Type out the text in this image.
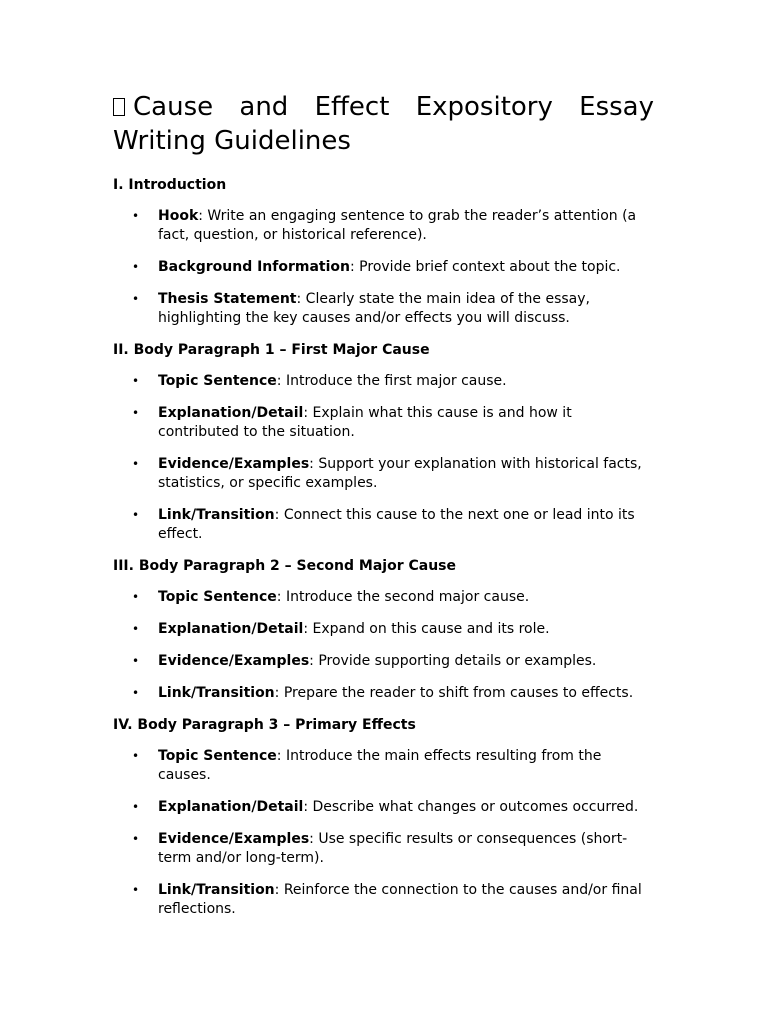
Cause and Effect Expository Essay Writing Guidelines
I. Introduction
• Hook: Write an engaging sentence to grab the reader’s attention (a fact, question, or historical reference).
• Background Information: Provide brief context about the topic.
• Thesis Statement: Clearly state the main idea of the essay, highlighting the key causes and/or effects you will discuss.
II. Body Paragraph 1 – First Major Cause
• Topic Sentence: Introduce the first major cause.
• Explanation/Detail: Explain what this cause is and how it contributed to the situation.
• Evidence/Examples: Support your explanation with historical facts, statistics, or specific examples.
• Link/Transition: Connect this cause to the next one or lead into its effect.
III. Body Paragraph 2 – Second Major Cause
• Topic Sentence: Introduce the second major cause.
• Explanation/Detail: Expand on this cause and its role.
• Evidence/Examples: Provide supporting details or examples.
• Link/Transition: Prepare the reader to shift from causes to effects.
IV. Body Paragraph 3 – Primary Effects
• Topic Sentence: Introduce the main effects resulting from the causes.
• Explanation/Detail: Describe what changes or outcomes occurred.
• Evidence/Examples: Use specific results or consequences (short-term and/or long-term).
• Link/Transition: Reinforce the connection to the causes and/or final reflections.
